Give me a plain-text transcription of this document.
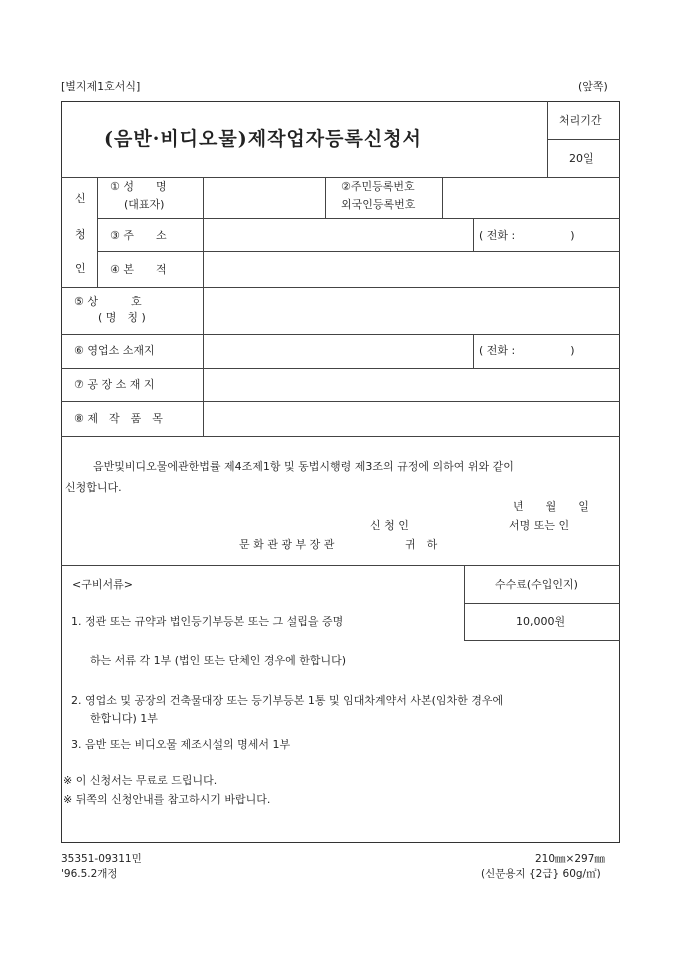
[별지제1호서식]	(앞쪽)
(음반·비디오물)제작업자등록신청서
처리기간
20일
신
청
인
① 성　　명
(대표자)
②주민등록번호
외국인등록번호
③ 주　　소	( 전화 :　　　　　)
④ 본　　적
⑤ 상　　　호
( 명　칭 )
⑥ 영업소 소재지	( 전화 :　　　　　)
⑦ 공 장 소 재 지
⑧ 제　작　품　목
음반및비디오물에관한법률 제4조제1항 및 동법시행령 제3조의 규정에 의하여 위와 같이
신청합니다.
년　　월　　일
신 청 인	서명 또는 인
문 화 관 광 부 장 관	귀　하
<구비서류>	수수료(수입인지)
10,000원
1. 정관 또는 규약과 법인등기부등본 또는 그 설립을 증명
하는 서류 각 1부 (법인 또는 단체인 경우에 한합니다)
2. 영업소 및 공장의 건축물대장 또는 등기부등본 1통 및 임대차계약서 사본(임차한 경우에
한합니다) 1부
3. 음반 또는 비디오물 제조시설의 명세서 1부
※ 이 신청서는 무료로 드립니다.
※ 뒤쪽의 신청안내를 참고하시기 바랍니다.
35351-09311민
'96.5.2개정
210㎜×297㎜
(신문용지 {2급} 60g/㎡)
